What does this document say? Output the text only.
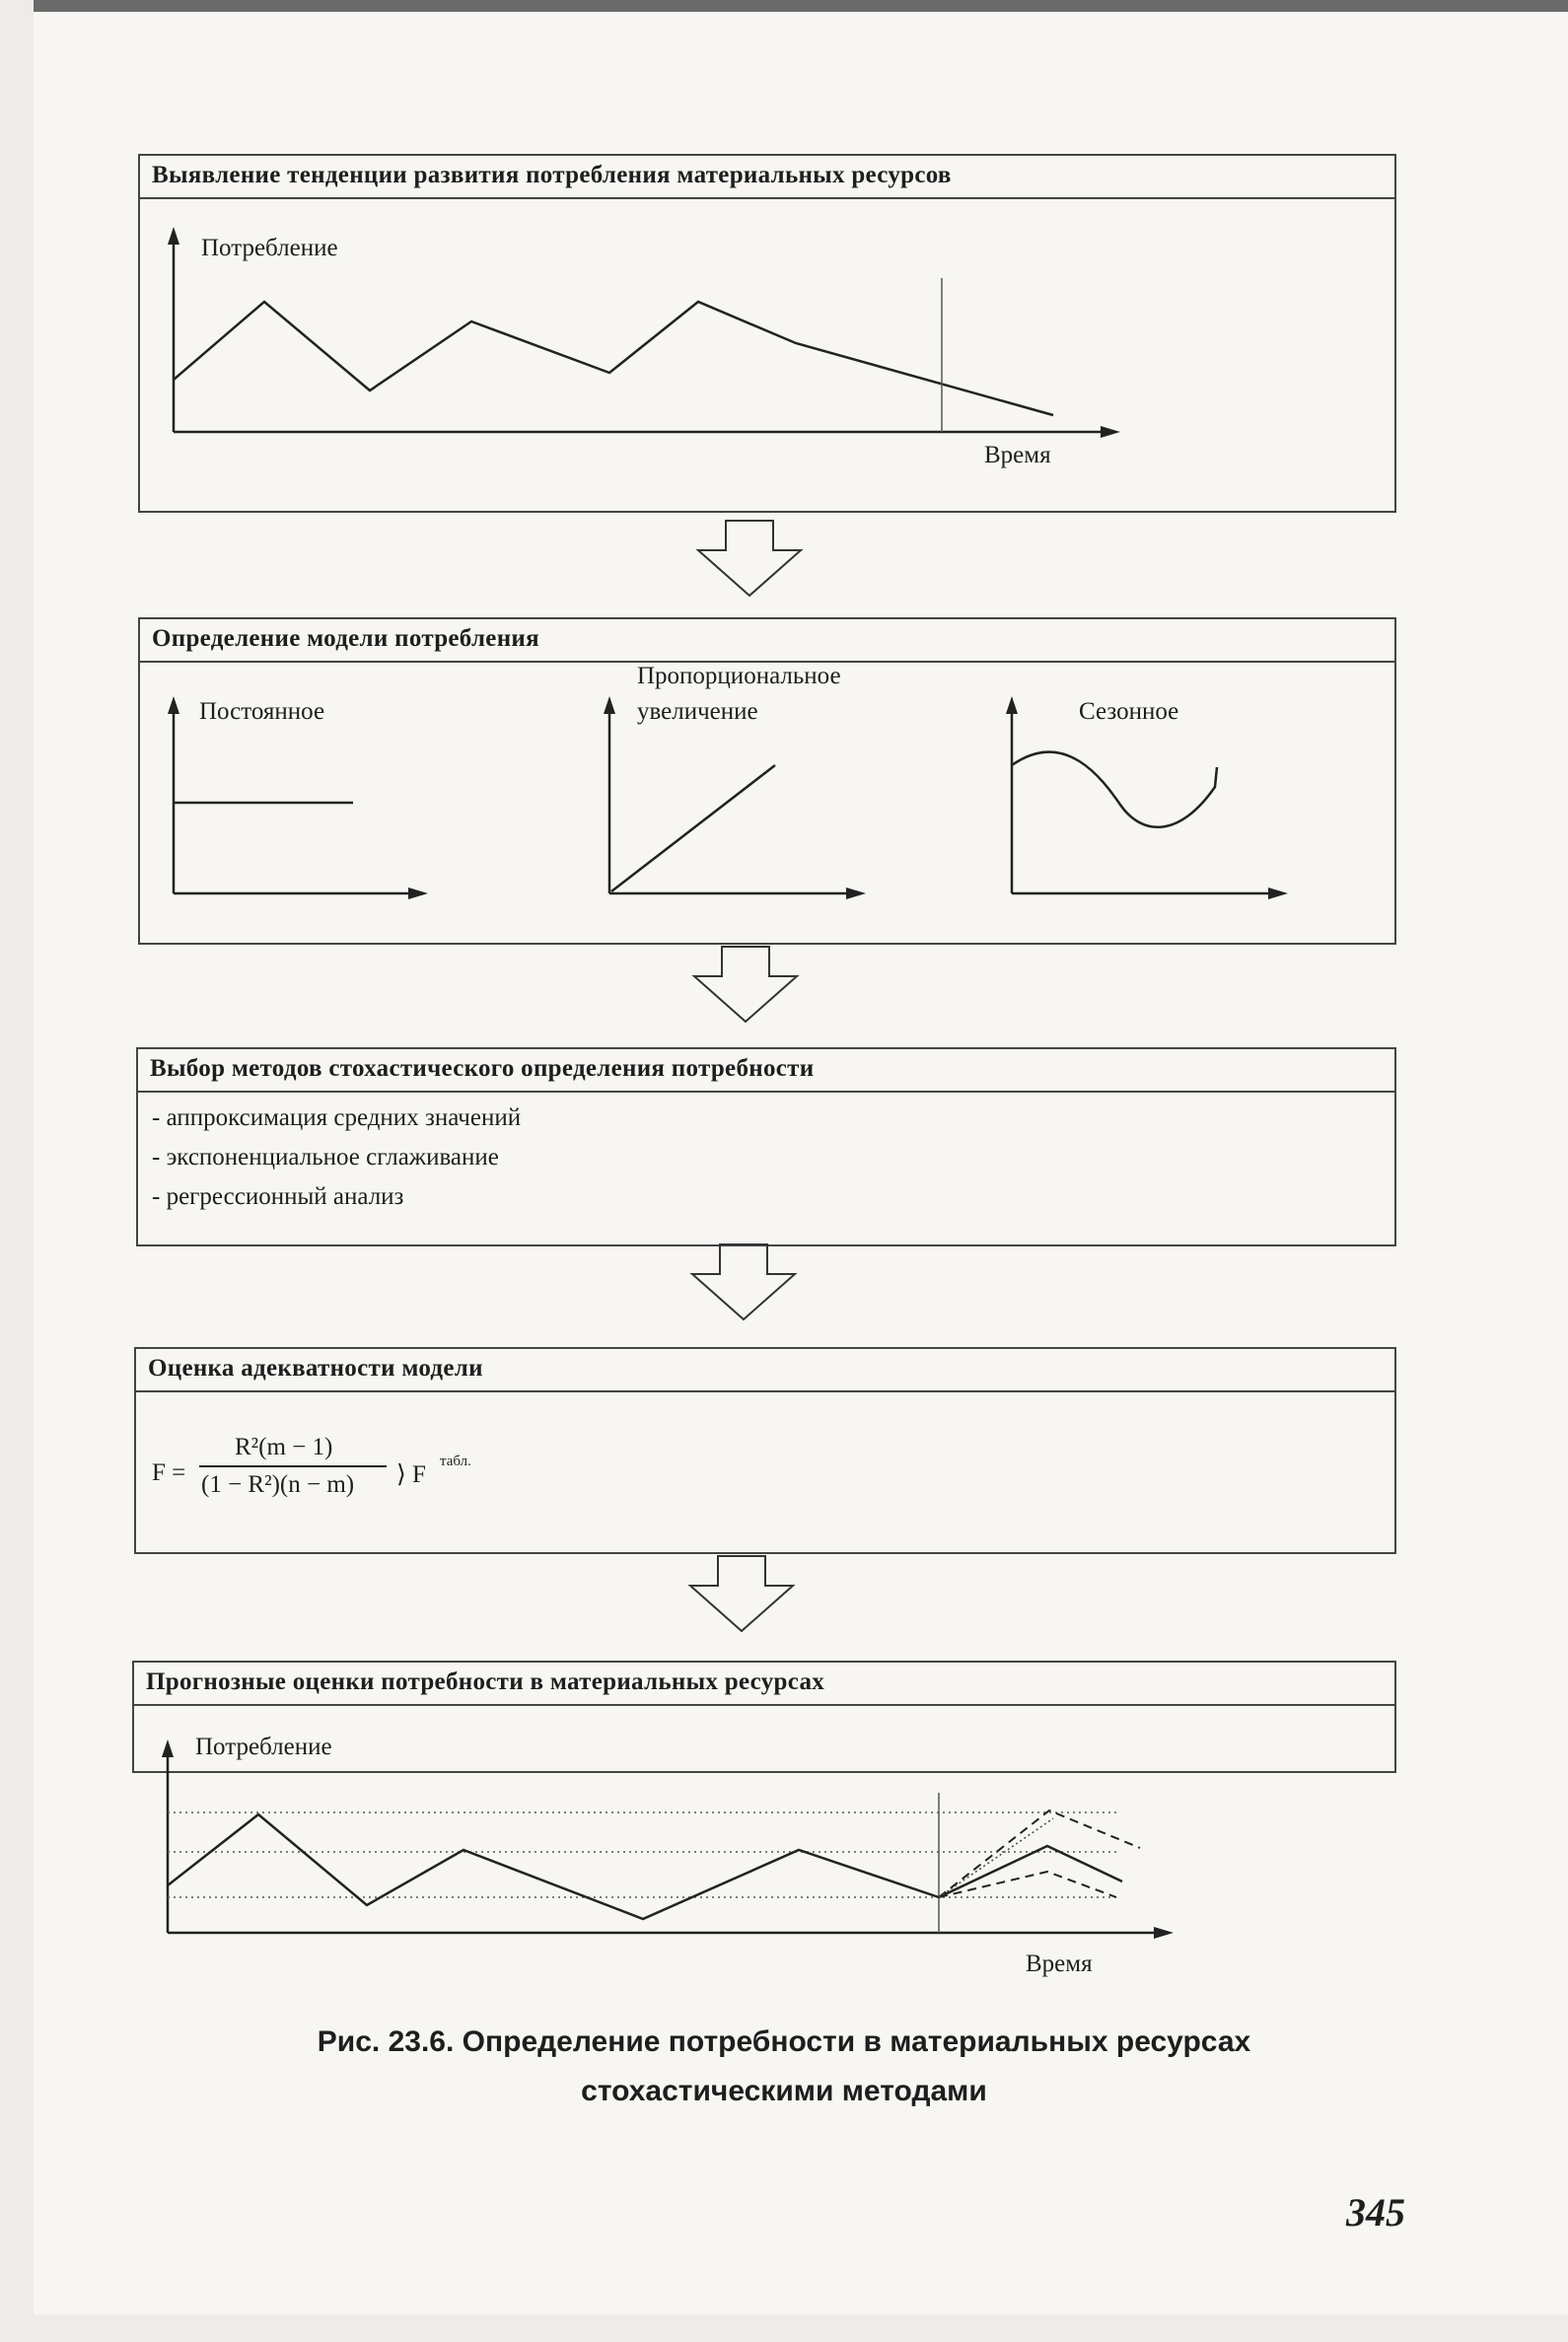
Выявление тенденции развития потребления материальных ресурсов
Потребление
Время
Определение модели потребления
Постоянное
Пропорциональное
увеличение	Сезонное
Выбор методов стохастического определения потребности
- аппроксимация средних значений
- экспоненциальное сглаживание
- регрессионный анализ
Оценка адекватности модели
F =
R²(m − 1)
(1 − R²)(n − m) ⟩ F табл.
Прогнозные оценки потребности в материальных ресурсах
Потребление
Время
Рис. 23.6. Определение потребности в материальных ресурсах
стохастическими методами
345
